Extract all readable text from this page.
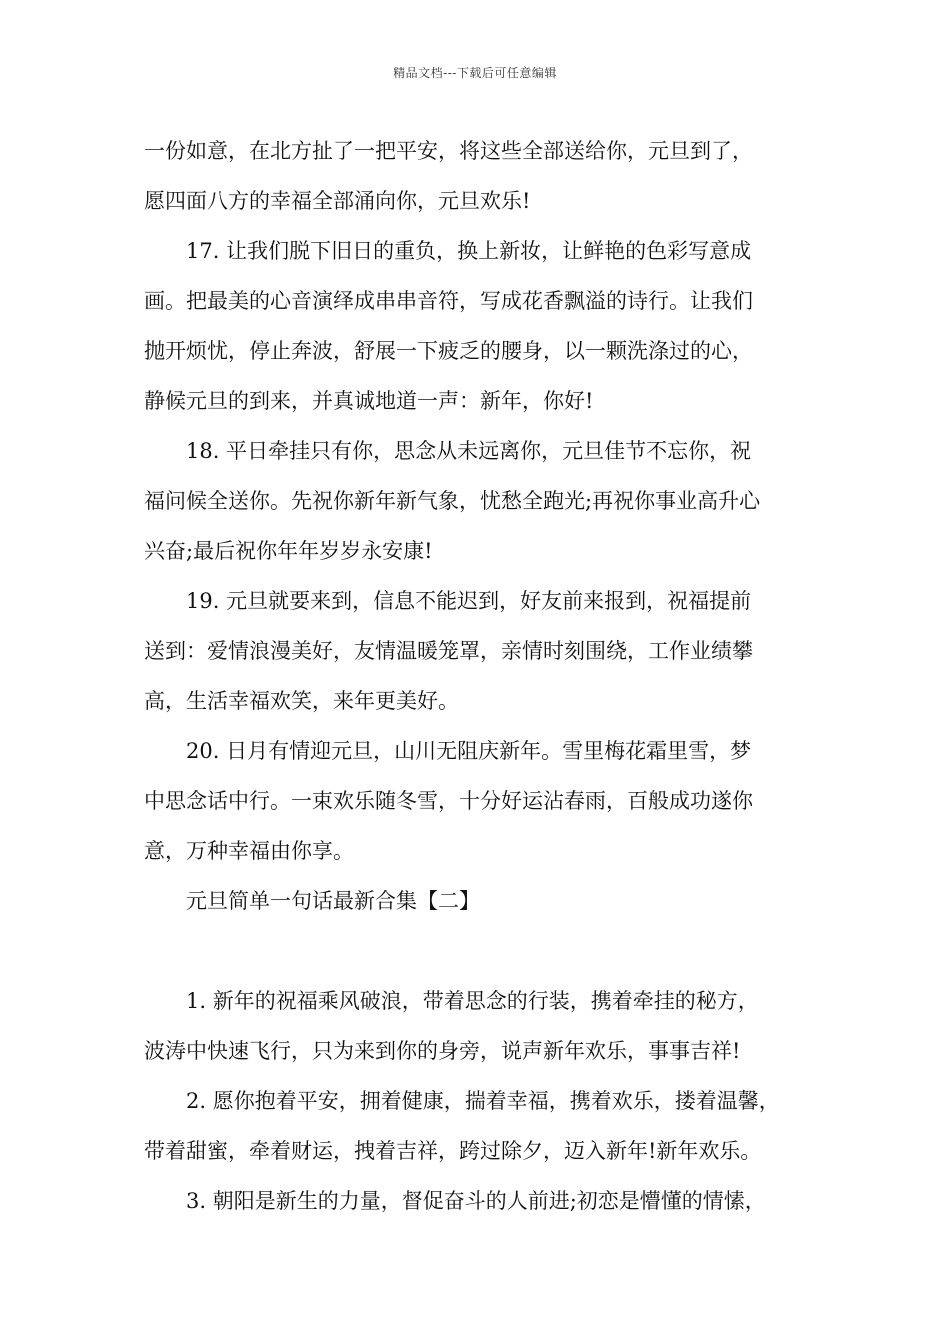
精品文档---下载后可任意编辑
一份如意，在北方扯了一把平安，将这些全部送给你，元旦到了，
愿四面八方的幸福全部涌向你，元旦欢乐!
17. 让我们脱下旧日的重负，换上新妆，让鲜艳的色彩写意成
画。把最美的心音演绎成串串音符，写成花香飘溢的诗行。让我们
抛开烦忧，停止奔波，舒展一下疲乏的腰身，以一颗洗涤过的心，
静候元旦的到来，并真诚地道一声：新年，你好!
18. 平日牵挂只有你，思念从未远离你，元旦佳节不忘你，祝
福问候全送你。先祝你新年新气象，忧愁全跑光;再祝你事业高升心
兴奋;最后祝你年年岁岁永安康!
19. 元旦就要来到，信息不能迟到，好友前来报到，祝福提前
送到：爱情浪漫美好，友情温暖笼罩，亲情时刻围绕，工作业绩攀
高，生活幸福欢笑，来年更美好。
20. 日月有情迎元旦，山川无阻庆新年。雪里梅花霜里雪，梦
中思念话中行。一束欢乐随冬雪，十分好运沾春雨，百般成功遂你
意，万种幸福由你享。
元旦简单一句话最新合集【二】
1. 新年的祝福乘风破浪，带着思念的行装，携着牵挂的秘方，
波涛中快速飞行，只为来到你的身旁，说声新年欢乐，事事吉祥!
2. 愿你抱着平安，拥着健康，揣着幸福，携着欢乐，搂着温馨，
带着甜蜜，牵着财运，拽着吉祥，跨过除夕，迈入新年!新年欢乐。
3. 朝阳是新生的力量，督促奋斗的人前进;初恋是懵懂的情愫，
